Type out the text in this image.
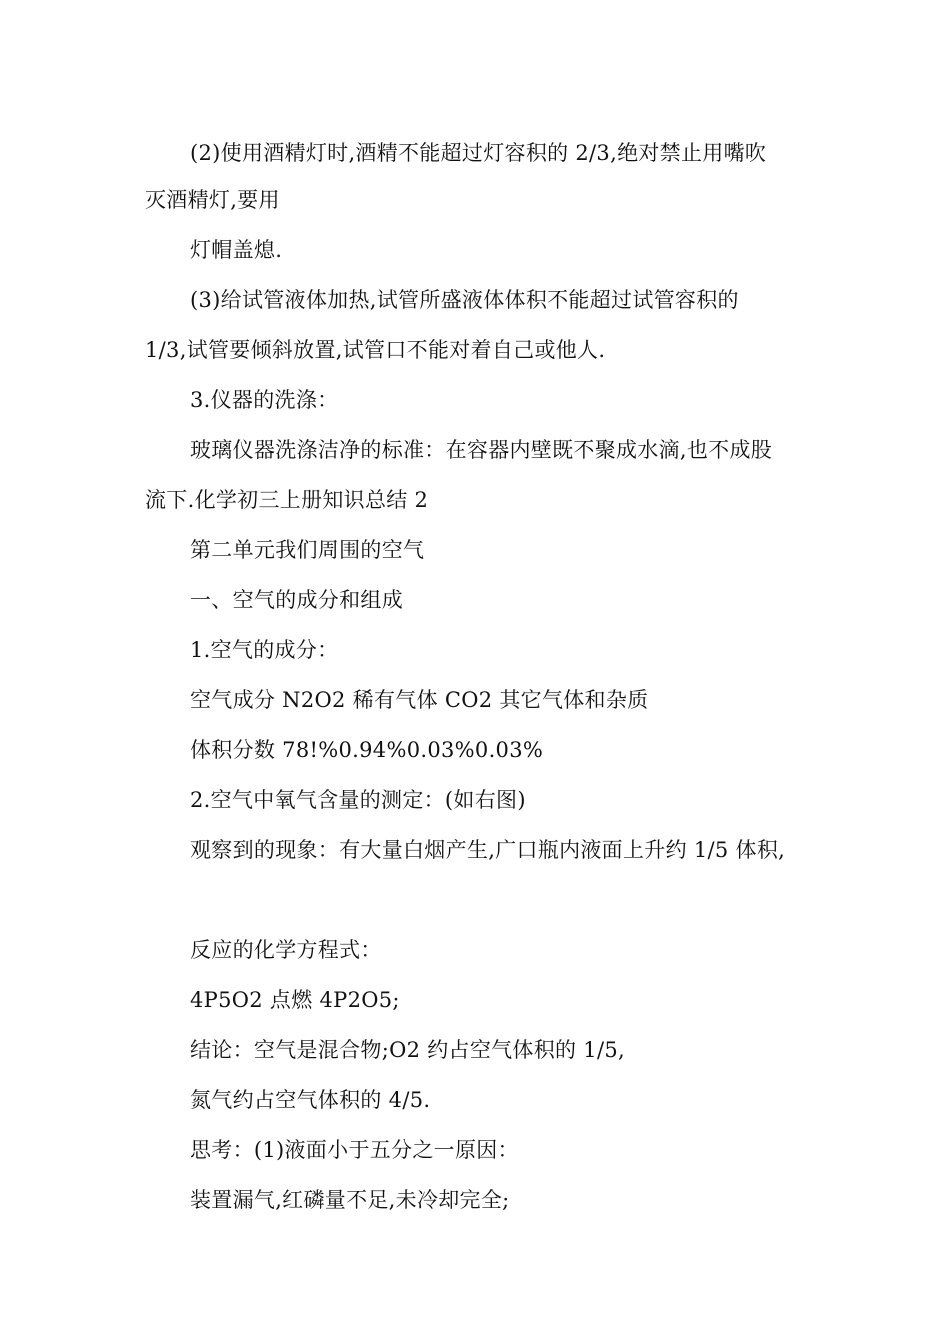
(2)使用酒精灯时,酒精不能超过灯容积的 2/3,绝对禁止用嘴吹
灭酒精灯,要用
灯帽盖熄.
(3)给试管液体加热,试管所盛液体体积不能超过试管容积的
1/3,试管要倾斜放置,试管口不能对着自己或他人.
3.仪器的洗涤：
玻璃仪器洗涤洁净的标准：在容器内壁既不聚成水滴,也不成股
流下.化学初三上册知识总结 2
第二单元我们周围的空气
一、空气的成分和组成
1.空气的成分：
空气成分 N2O2 稀有气体 CO2 其它气体和杂质
体积分数 78!%0.94%0.03%0.03%
2.空气中氧气含量的测定：(如右图)
观察到的现象：有大量白烟产生,广口瓶内液面上升约 1/5 体积,
反应的化学方程式：
4P5O2 点燃 4P2O5;
结论：空气是混合物;O2 约占空气体积的 1/5,
氮气约占空气体积的 4/5.
思考：(1)液面小于五分之一原因：
装置漏气,红磷量不足,未冷却完全;
